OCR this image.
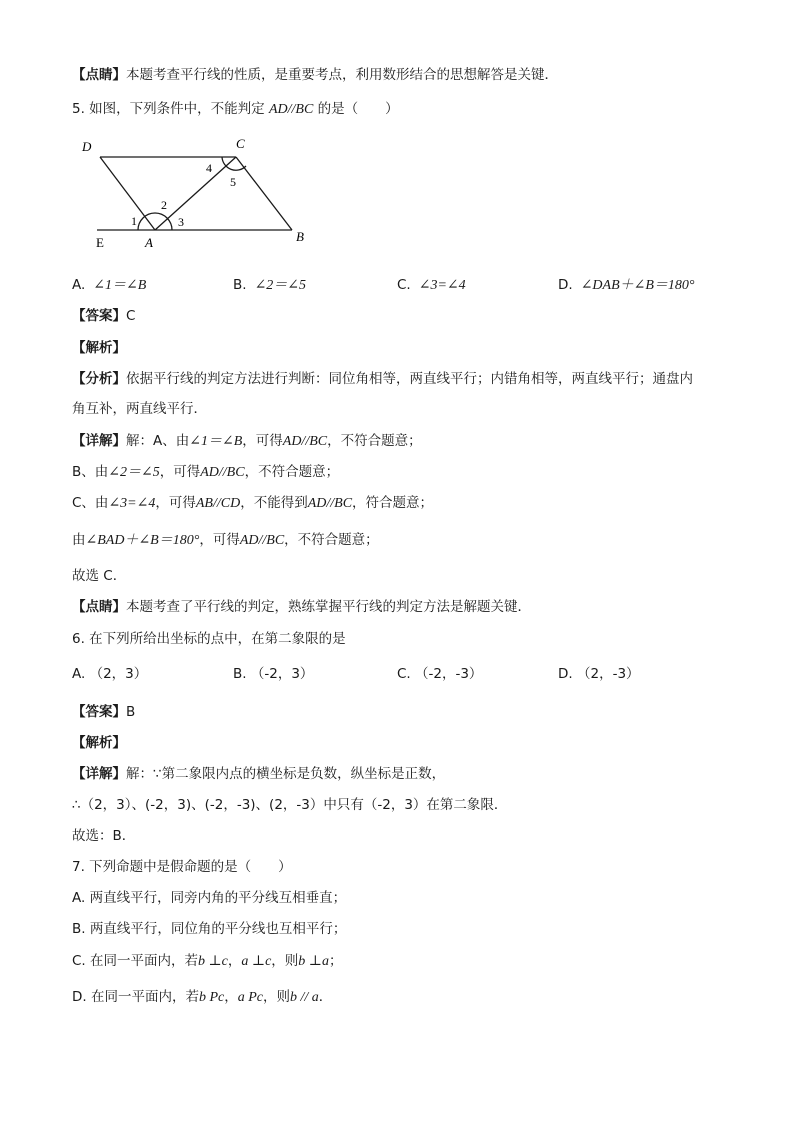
【点睛】本题考查平行线的性质，是重要考点，利用数形结合的思想解答是关键．
5. 如图，下列条件中，不能判定 AD//BC 的是（　　）
D	C
E	A	B
1
2
3
4
5
A. ∠1＝∠B	B. ∠2＝∠5	C. ∠3=∠4	D. ∠DAB＋∠B＝180°
【答案】C
【解析】
【分析】依据平行线的判定方法进行判断：同位角相等，两直线平行；内错角相等，两直线平行；通盘内
角互补，两直线平行．
【详解】解：A、由∠1＝∠B，可得AD//BC，不符合题意；
B、由∠2＝∠5，可得AD//BC，不符合题意；
C、由∠3=∠4，可得AB//CD，不能得到AD//BC，符合题意；
由∠BAD＋∠B＝180°，可得AD//BC，不符合题意；
故选 C．
【点睛】本题考查了平行线的判定，熟练掌握平行线的判定方法是解题关键．
6. 在下列所给出坐标的点中，在第二象限的是
A. （2，3）	B. （-2，3）	C. （-2，-3）	D. （2，-3）
【答案】B
【解析】
【详解】解：∵第二象限内点的横坐标是负数，纵坐标是正数，
∴（2，3）、(-2，3)、(-2，-3)、(2，-3）中只有（-2，3）在第二象限．
故选：B．
7. 下列命题中是假命题的是（　　）
A. 两直线平行，同旁内角的平分线互相垂直；
B. 两直线平行，同位角的平分线也互相平行；
C. 在同一平面内，若b ⊥c，a ⊥c，则b ⊥a；
D. 在同一平面内，若b Pc，a Pc，则b // a．
